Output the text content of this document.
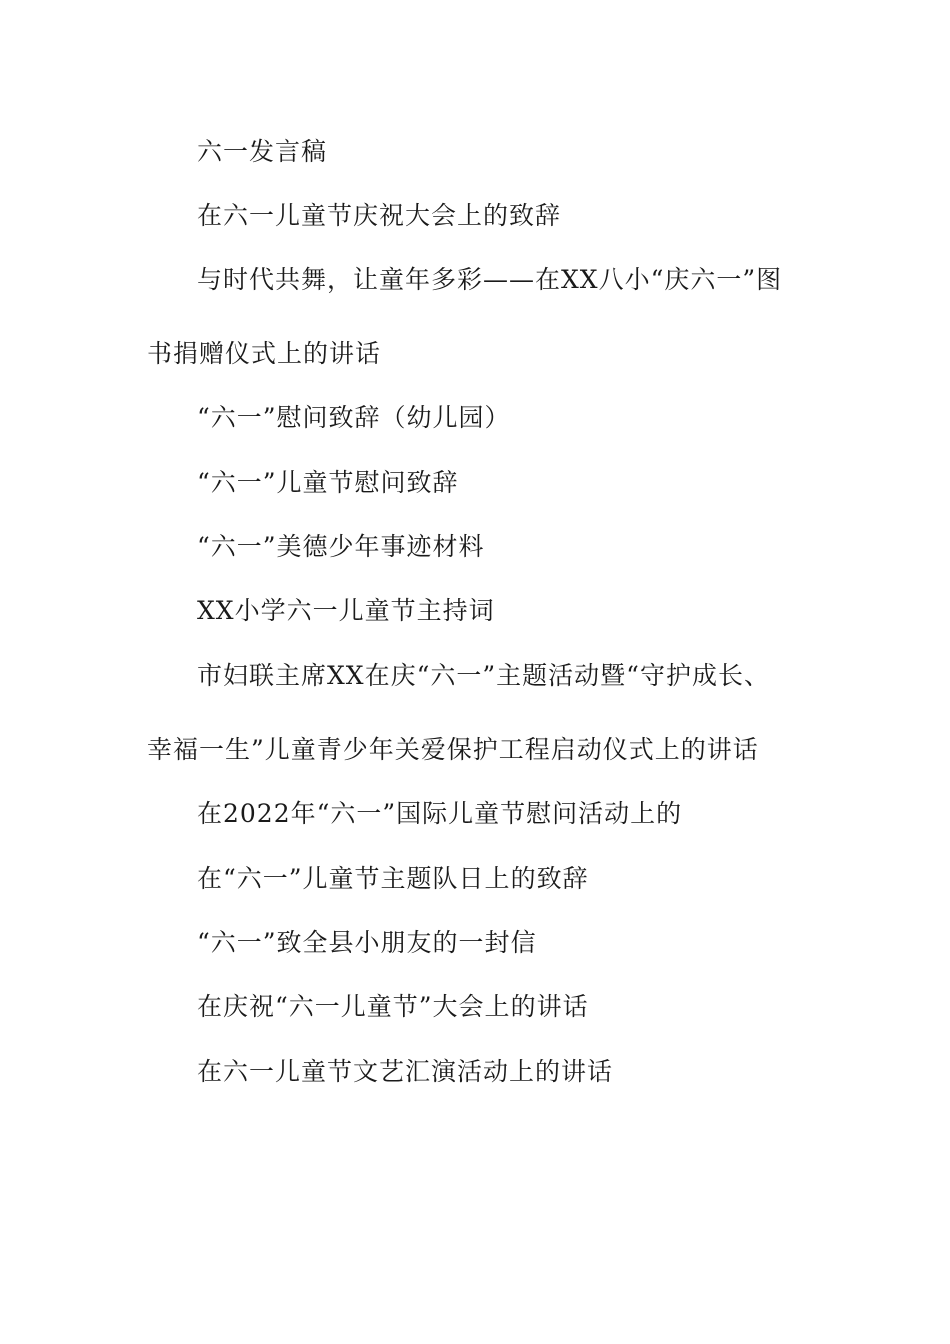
六一发言稿
在六一儿童节庆祝大会上的致辞
与时代共舞，让童年多彩——在XX八小“庆六一”图
书捐赠仪式上的讲话
“六一”慰问致辞（幼儿园）
“六一”儿童节慰问致辞
“六一”美德少年事迹材料
XX小学六一儿童节主持词
市妇联主席XX在庆“六一”主题活动暨“守护成长、
幸福一生”儿童青少年关爱保护工程启动仪式上的讲话
在2022年“六一”国际儿童节慰问活动上的
在“六一”儿童节主题队日上的致辞
“六一”致全县小朋友的一封信
在庆祝“六一儿童节”大会上的讲话
在六一儿童节文艺汇演活动上的讲话
